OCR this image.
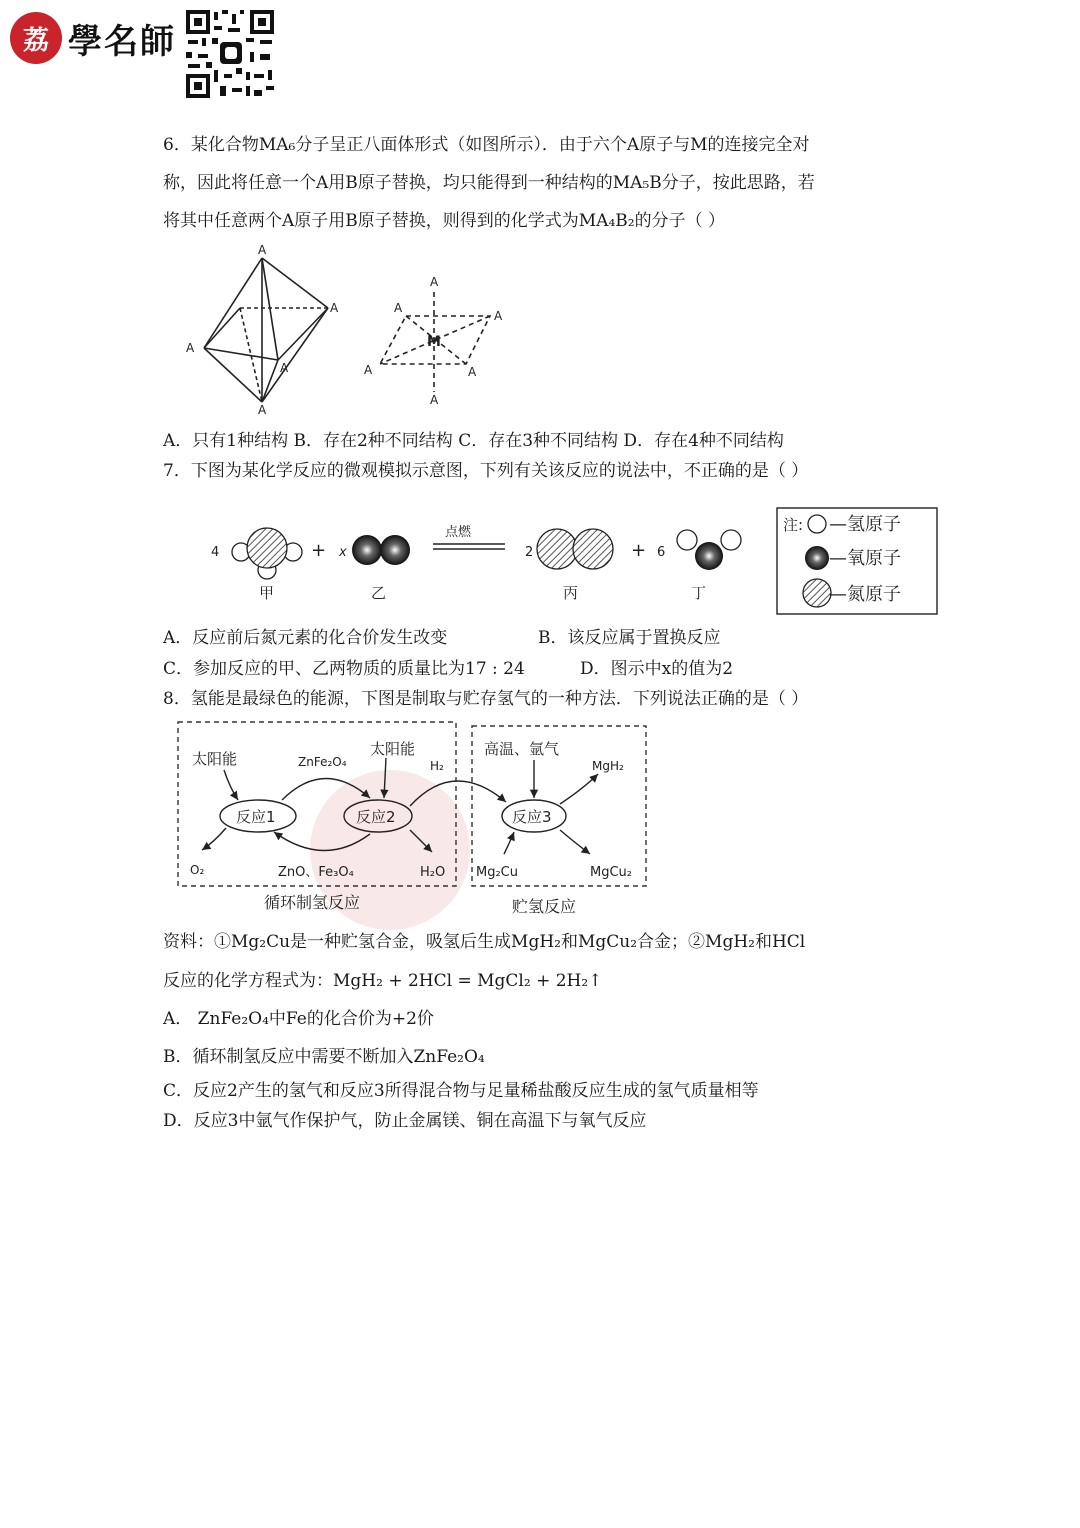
荔 學名師
6．某化合物MA₆分子呈正八面体形式（如图所示）．由于六个A原子与M的连接完全对
称，因此将任意一个A用B原子替换，均只能得到一种结构的MA₅B分子，按此思路，若
将其中任意两个A原子用B原子替换，则得到的化学式为MA₄B₂的分子（ ）
A
A
A
A
A
A
A
A
A	A
A
M
A．只有1种结构 B．存在2种不同结构 C．存在3种不同结构 D．存在4种不同结构
7．下图为某化学反应的微观模拟示意图，下列有关该反应的说法中，不正确的是（ ）
4	+ x
点燃
2	+ 6
甲	乙	丙	丁
注: —氢原子
—氧原子
—氮原子
A．反应前后氮元素的化合价发生改变	B．该反应属于置换反应
C．参加反应的甲、乙两物质的质量比为17 : 24	D．图示中x的值为2
8．氢能是最绿色的能源，下图是制取与贮存氢气的一种方法．下列说法正确的是（ ）
太阳能	ZnFe₂O₄
太阳能
H₂
高温、氩气
MgH₂
反应1	反应2	反应3
O₂	ZnO、Fe₃O₄	H₂O Mg₂Cu	MgCu₂
循环制氢反应	贮氢反应
资料：①Mg₂Cu是一种贮氢合金，吸氢后生成MgH₂和MgCu₂合金；②MgH₂和HCl
反应的化学方程式为：MgH₂ + 2HCl = MgCl₂ + 2H₂↑
A． ZnFe₂O₄中Fe的化合价为+2价
B．循环制氢反应中需要不断加入ZnFe₂O₄
C．反应2产生的氢气和反应3所得混合物与足量稀盐酸反应生成的氢气质量相等
D．反应3中氩气作保护气，防止金属镁、铜在高温下与氧气反应
